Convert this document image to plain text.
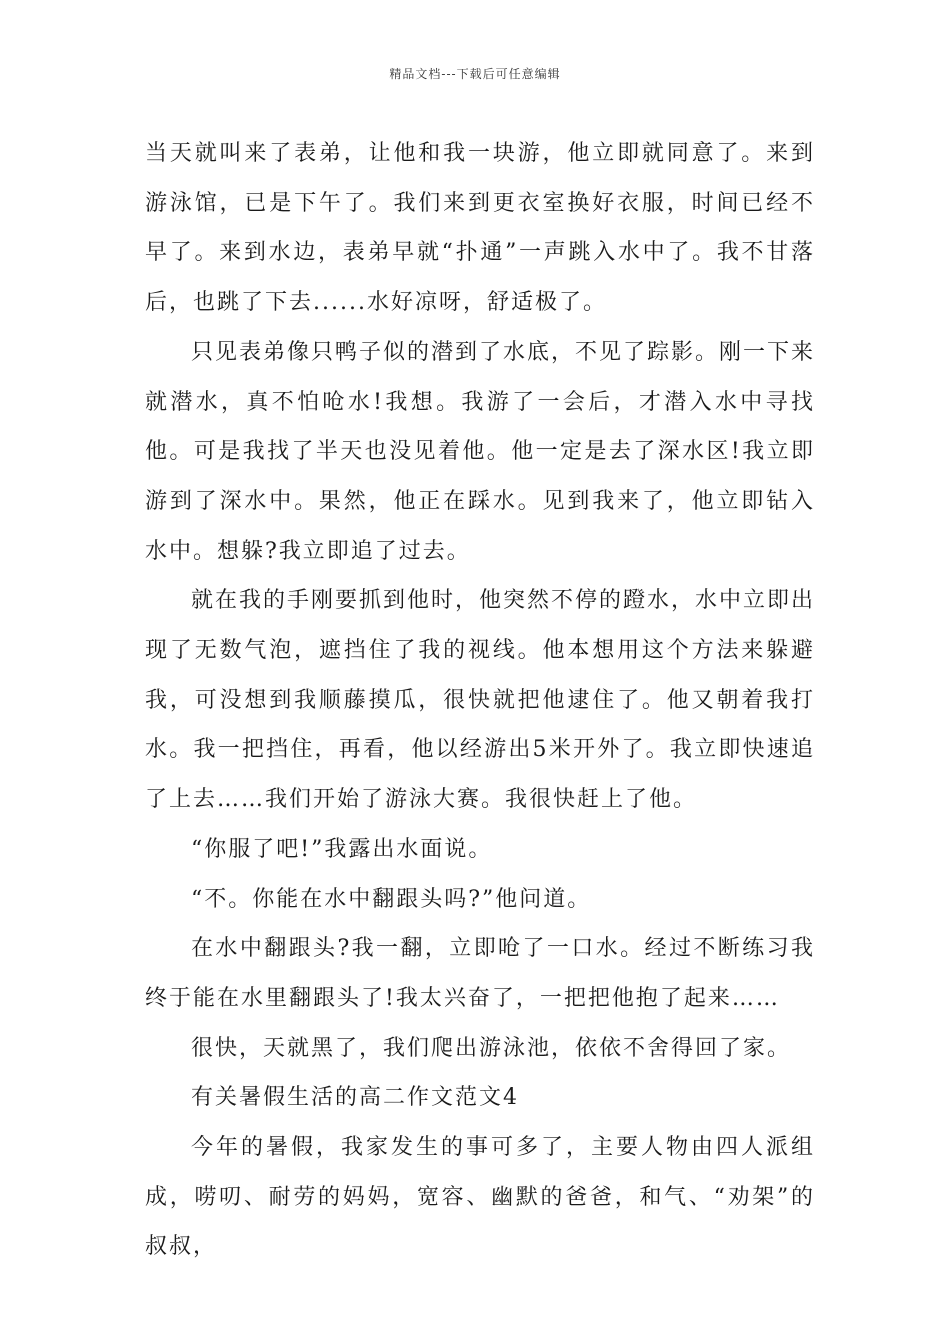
精品文档---下载后可任意编辑

当天就叫来了表弟，让他和我一块游，他立即就同意了。来到游泳馆，已是下午了。我们来到更衣室换好衣服，时间已经不早了。来到水边，表弟早就“扑通”一声跳入水中了。我不甘落后，也跳了下去......水好凉呀，舒适极了。

只见表弟像只鸭子似的潜到了水底，不见了踪影。刚一下来就潜水，真不怕呛水!我想。我游了一会后，才潜入水中寻找他。可是我找了半天也没见着他。他一定是去了深水区!我立即游到了深水中。果然，他正在踩水。见到我来了，他立即钻入水中。想躲?我立即追了过去。

就在我的手刚要抓到他时，他突然不停的蹬水，水中立即出现了无数气泡，遮挡住了我的视线。他本想用这个方法来躲避我，可没想到我顺藤摸瓜，很快就把他逮住了。他又朝着我打水。我一把挡住，再看，他以经游出5米开外了。我立即快速追了上去……我们开始了游泳大赛。我很快赶上了他。

“你服了吧!”我露出水面说。

“不。你能在水中翻跟头吗?”他问道。

在水中翻跟头?我一翻，立即呛了一口水。经过不断练习我终于能在水里翻跟头了!我太兴奋了，一把把他抱了起来……

很快，天就黑了，我们爬出游泳池，依依不舍得回了家。

有关暑假生活的高二作文范文4

今年的暑假，我家发生的事可多了，主要人物由四人派组成，唠叨、耐劳的妈妈，宽容、幽默的爸爸，和气、“劝架”的叔叔，
